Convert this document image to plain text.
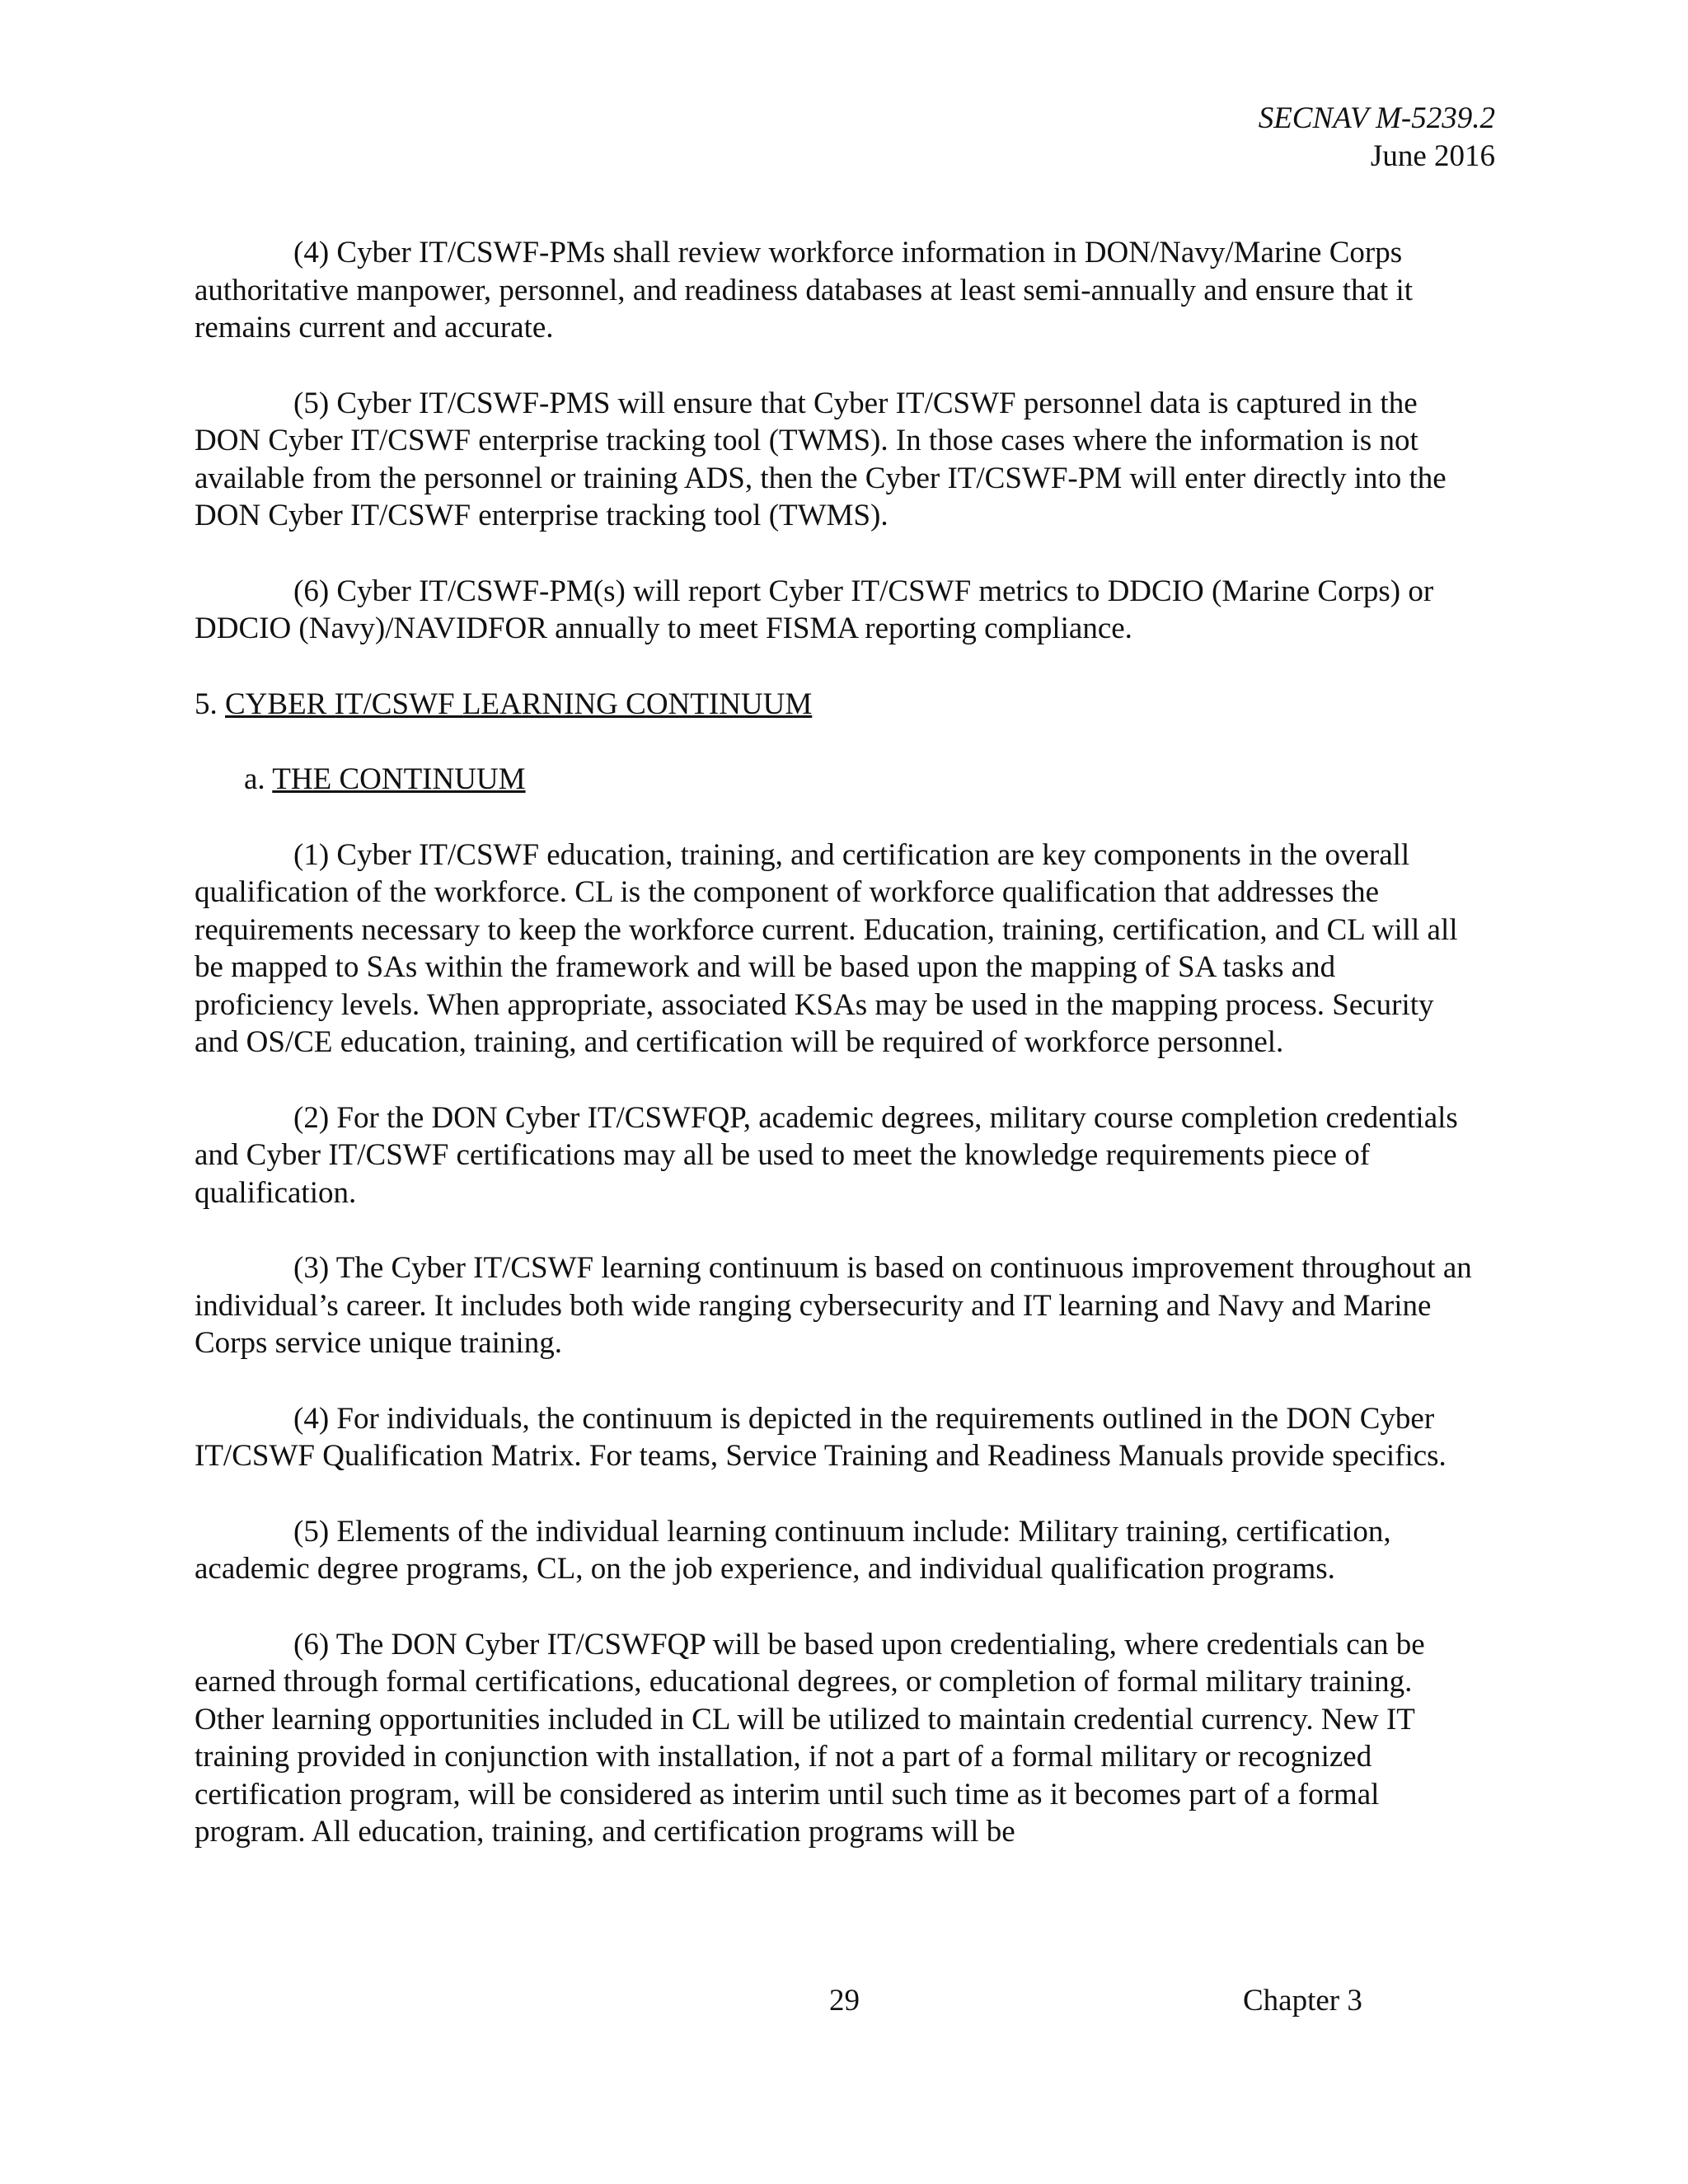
SECNAV M-5239.2
June 2016

(4) Cyber IT/CSWF-PMs shall review workforce information in DON/Navy/Marine Corps authoritative manpower, personnel, and readiness databases at least semi-annually and ensure that it remains current and accurate.

(5) Cyber IT/CSWF-PMS will ensure that Cyber IT/CSWF personnel data is captured in the DON Cyber IT/CSWF enterprise tracking tool (TWMS). In those cases where the information is not available from the personnel or training ADS, then the Cyber IT/CSWF-PM will enter directly into the DON Cyber IT/CSWF enterprise tracking tool (TWMS).

(6) Cyber IT/CSWF-PM(s) will report Cyber IT/CSWF metrics to DDCIO (Marine Corps) or DDCIO (Navy)/NAVIDFOR annually to meet FISMA reporting compliance.

5. CYBER IT/CSWF LEARNING CONTINUUM

a. THE CONTINUUM

(1) Cyber IT/CSWF education, training, and certification are key components in the overall qualification of the workforce. CL is the component of workforce qualification that addresses the requirements necessary to keep the workforce current. Education, training, certification, and CL will all be mapped to SAs within the framework and will be based upon the mapping of SA tasks and proficiency levels. When appropriate, associated KSAs may be used in the mapping process. Security and OS/CE education, training, and certification will be required of workforce personnel.

(2) For the DON Cyber IT/CSWFQP, academic degrees, military course completion credentials and Cyber IT/CSWF certifications may all be used to meet the knowledge requirements piece of qualification.

(3) The Cyber IT/CSWF learning continuum is based on continuous improvement throughout an individual’s career. It includes both wide ranging cybersecurity and IT learning and Navy and Marine Corps service unique training.

(4) For individuals, the continuum is depicted in the requirements outlined in the DON Cyber IT/CSWF Qualification Matrix. For teams, Service Training and Readiness Manuals provide specifics.

(5) Elements of the individual learning continuum include: Military training, certification, academic degree programs, CL, on the job experience, and individual qualification programs.

(6) The DON Cyber IT/CSWFQP will be based upon credentialing, where credentials can be earned through formal certifications, educational degrees, or completion of formal military training. Other learning opportunities included in CL will be utilized to maintain credential currency. New IT training provided in conjunction with installation, if not a part of a formal military or recognized certification program, will be considered as interim until such time as it becomes part of a formal program. All education, training, and certification programs will be

29	Chapter 3
